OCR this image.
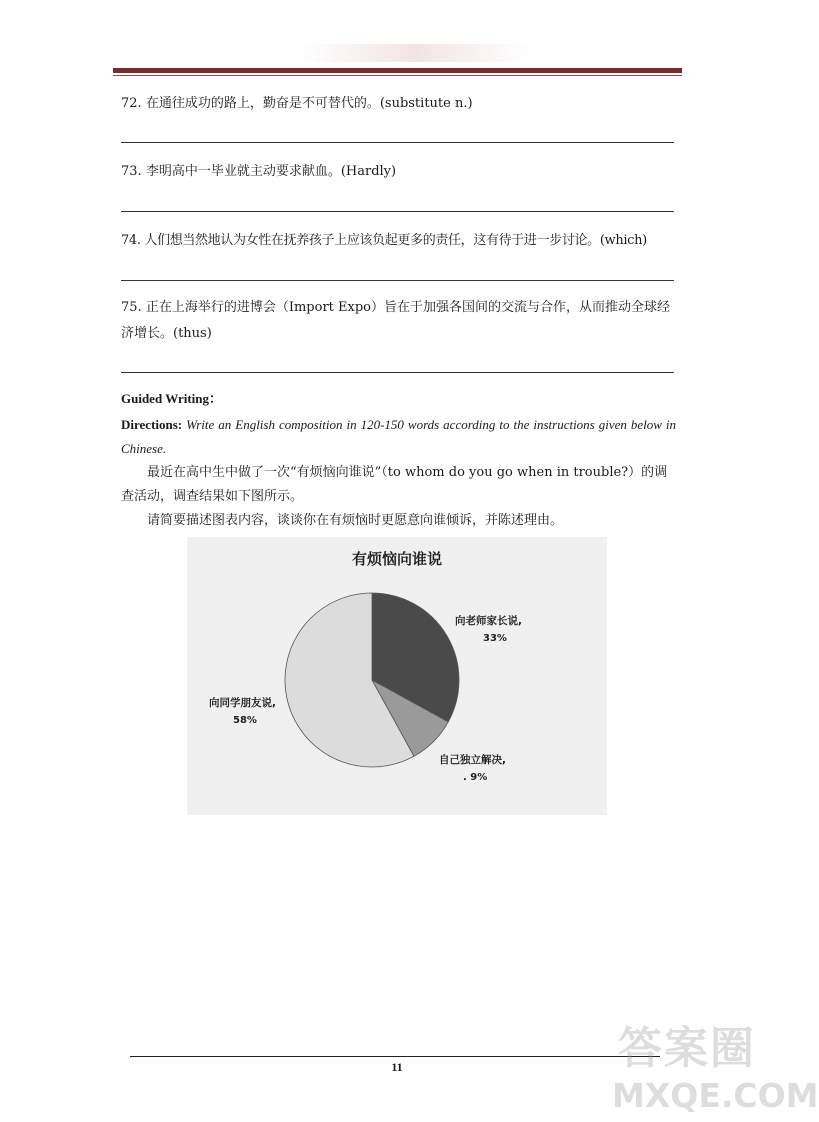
72. 在通往成功的路上，勤奋是不可替代的。(substitute n.)
73. 李明高中一毕业就主动要求献血。(Hardly)
74. 人们想当然地认为女性在抚养孩子上应该负起更多的责任，这有待于进一步讨论。(which)
75. 正在上海举行的进博会（Import Expo）旨在于加强各国间的交流与合作，从而推动全球经济增长。(thus)
Guided Writing：
Directions: Write an English composition in 120-150 words according to the instructions given below in Chinese.
最近在高中生中做了一次“有烦恼向谁说”（to whom do you go when in trouble?）的调查活动，调查结果如下图所示。
请简要描述图表内容，谈谈你在有烦恼时更愿意向谁倾诉，并陈述理由。
有烦恼向谁说
向老师家长说,
33%
向同学朋友说,
58%
自己独立解决,
. 9%
11	答案圈
MXQE.COM
